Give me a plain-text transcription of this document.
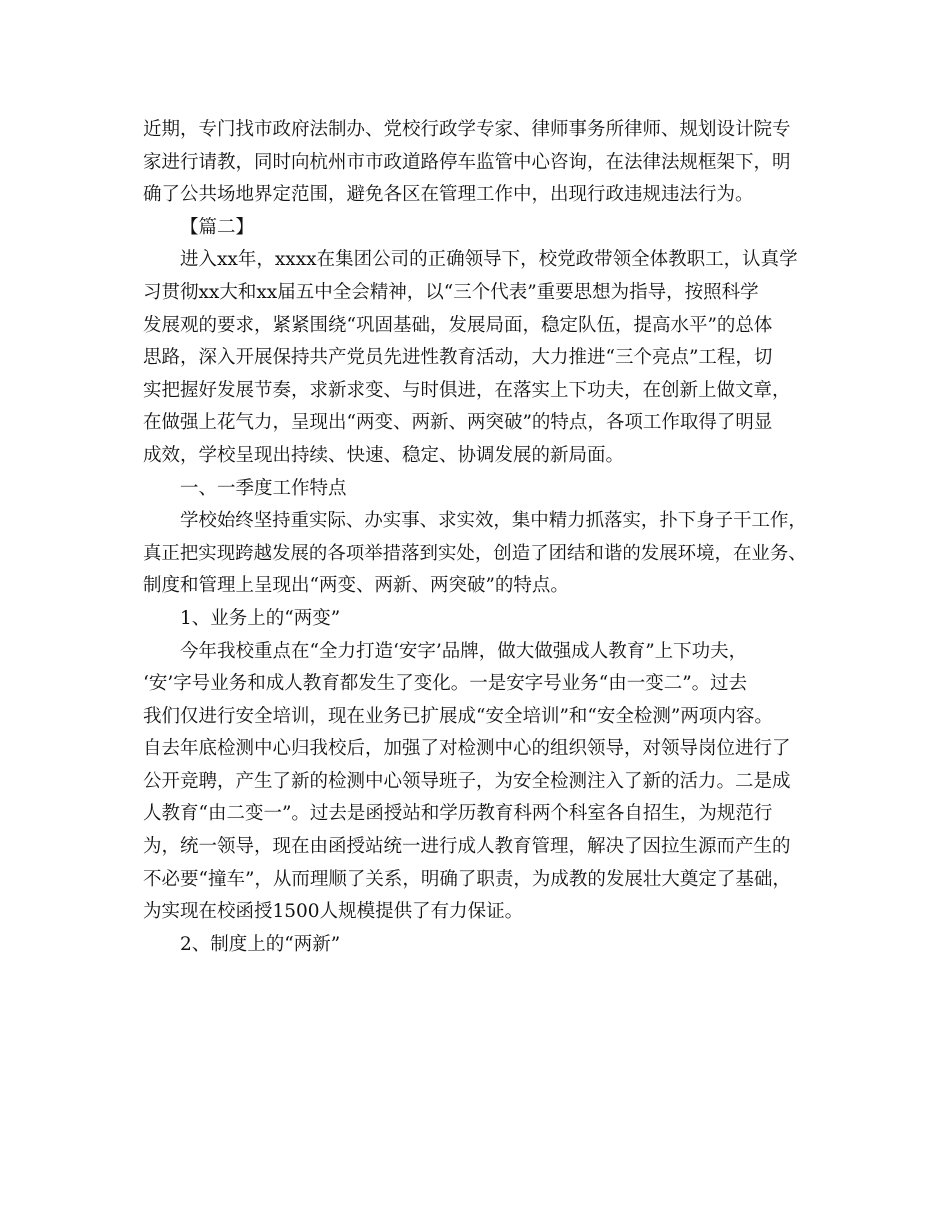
近期，专门找市政府法制办、党校行政学专家、律师事务所律师、规划设计院专
家进行请教，同时向杭州市市政道路停车监管中心咨询，在法律法规框架下，明
确了公共场地界定范围，避免各区在管理工作中，出现行政违规违法行为。
【篇二】
进入xx年，xxxx在集团公司的正确领导下，校党政带领全体教职工，认真学
习贯彻xx大和xx届五中全会精神，以“三个代表”重要思想为指导，按照科学
发展观的要求，紧紧围绕“巩固基础，发展局面，稳定队伍，提高水平”的总体
思路，深入开展保持共产党员先进性教育活动，大力推进“三个亮点”工程，切
实把握好发展节奏，求新求变、与时俱进，在落实上下功夫，在创新上做文章，
在做强上花气力，呈现出“两变、两新、两突破”的特点，各项工作取得了明显
成效，学校呈现出持续、快速、稳定、协调发展的新局面。
一、一季度工作特点
学校始终坚持重实际、办实事、求实效，集中精力抓落实，扑下身子干工作，
真正把实现跨越发展的各项举措落到实处，创造了团结和谐的发展环境，在业务、
制度和管理上呈现出“两变、两新、两突破”的特点。
1、业务上的“两变”
今年我校重点在“全力打造‘安字’品牌，做大做强成人教育”上下功夫，
‘安’字号业务和成人教育都发生了变化。一是安字号业务“由一变二”。过去
我们仅进行安全培训，现在业务已扩展成“安全培训”和“安全检测”两项内容。
自去年底检测中心归我校后，加强了对检测中心的组织领导，对领导岗位进行了
公开竞聘，产生了新的检测中心领导班子，为安全检测注入了新的活力。二是成
人教育“由二变一”。过去是函授站和学历教育科两个科室各自招生，为规范行
为，统一领导，现在由函授站统一进行成人教育管理，解决了因拉生源而产生的
不必要“撞车”，从而理顺了关系，明确了职责，为成教的发展壮大奠定了基础，
为实现在校函授1500人规模提供了有力保证。
2、制度上的“两新”
